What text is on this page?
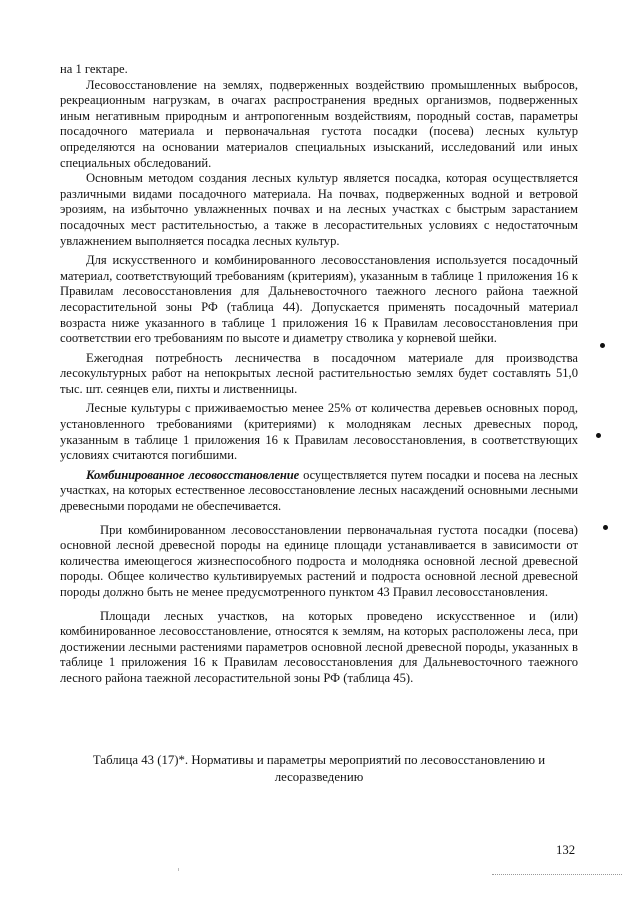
на 1 гектаре.

Лесовосстановление на землях, подверженных воздействию промышленных выбросов, рекреационным нагрузкам, в очагах распространения вредных организмов, подверженных иным негативным природным и антропогенным воздействиям, породный состав, параметры посадочного материала и первоначальная густота посадки (посева) лесных культур определяются на основании материалов специальных изысканий, исследований или иных специальных обследований.

Основным методом создания лесных культур является посадка, которая осуществляется различными видами посадочного материала. На почвах, подверженных водной и ветровой эрозиям, на избыточно увлажненных почвах и на лесных участках с быстрым зарастанием посадочных мест растительностью, а также в лесорастительных условиях с недостаточным увлажнением выполняется посадка лесных культур.

Для искусственного и комбинированного лесовосстановления используется посадочный материал, соответствующий требованиям (критериям), указанным в таблице 1 приложения 16 к Правилам лесовосстановления для Дальневосточного таежного лесного района таежной лесорастительной зоны РФ (таблица 44). Допускается применять посадочный материал возраста ниже указанного в таблице 1 приложения 16 к Правилам лесовосстановления при соответствии его требованиям по высоте и диаметру стволика у корневой шейки.

Ежегодная потребность лесничества в посадочном материале для производства лесокультурных работ на непокрытых лесной растительностью землях будет составлять 51,0 тыс. шт. сеянцев ели, пихты и лиственницы.

Лесные культуры с приживаемостью менее 25% от количества деревьев основных пород, установленного требованиями (критериями) к молоднякам лесных древесных пород, указанным в таблице 1 приложения 16 к Правилам лесовосстановления, в соответствующих условиях считаются погибшими.

Комбинированное лесовосстановление осуществляется путем посадки и посева на лесных участках, на которых естественное лесовосстановление лесных насаждений основными лесными древесными породами не обеспечивается.

При комбинированном лесовосстановлении первоначальная густота посадки (посева) основной лесной древесной породы на единице площади устанавливается в зависимости от количества имеющегося жизнеспособного подроста и молодняка основной лесной древесной породы. Общее количество культивируемых растений и подроста основной лесной древесной породы должно быть не менее предусмотренного пунктом 43 Правил лесовосстановления.

Площади лесных участков, на которых проведено искусственное и (или) комбинированное лесовосстановление, относятся к землям, на которых расположены леса, при достижении лесными растениями параметров основной лесной древесной породы, указанных в таблице 1 приложения 16 к Правилам лесовосстановления для Дальневосточного таежного лесного района таежной лесорастительной зоны РФ (таблица 45).

Таблица 43 (17)*. Нормативы и параметры мероприятий по лесовосстановлению и
лесоразведению
132
